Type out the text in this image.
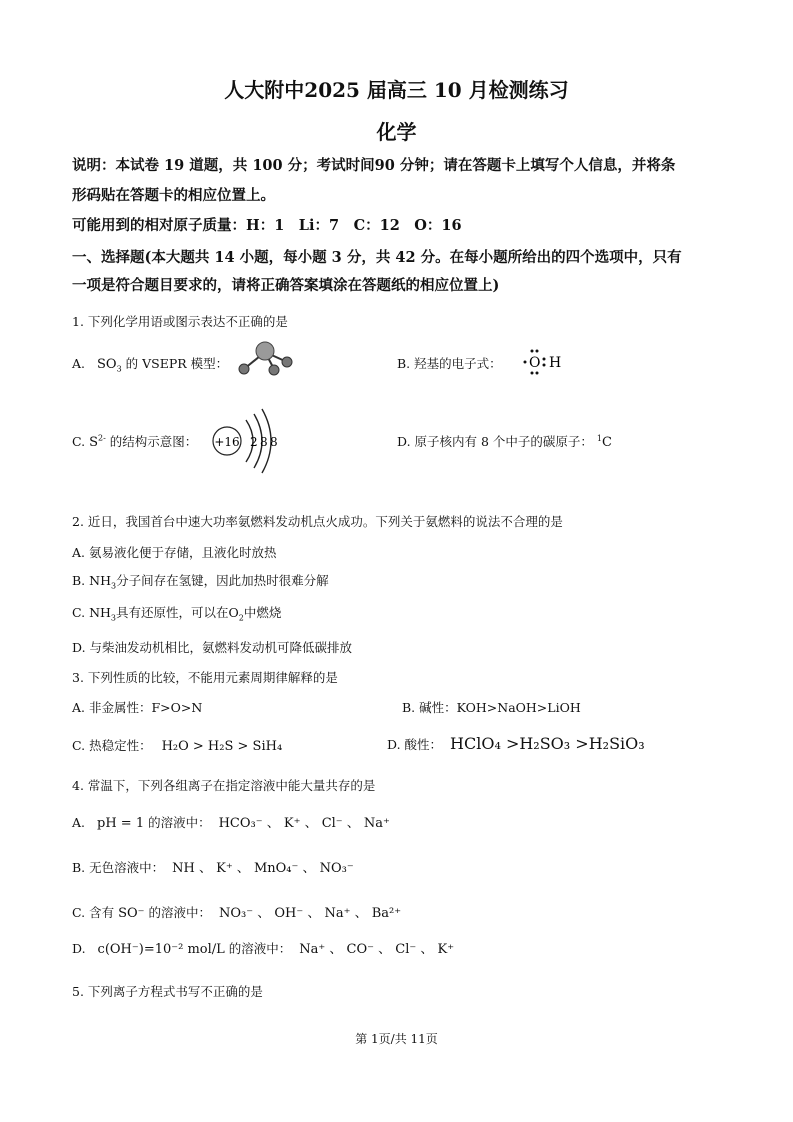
人大附中2025 届高三 10 月检测练习
化学
说明：本试卷 19 道题，共 100 分；考试时间90 分钟；请在答题卡上填写个人信息，并将条
形码贴在答题卡的相应位置上。
可能用到的相对原子质量：H：1　Li：7　C：12　O：16
一、选择题(本大题共 14 小题，每小题 3 分，共 42 分。在每小题所给出的四个选项中，只有
一项是符合题目要求的，请将正确答案填涂在答题纸的相应位置上)
1. 下列化学用语或图示表达不正确的是
A. $SO_3$ 的 VSEPR 模型：	B. 羟基的电子式： O H
C. $S^{2-}$ 的结构示意图： +16 2 8 8	D. 原子核内有 8 个中子的碳原子： $^1$C
2. 近日，我国首台中速大功率氨燃料发动机点火成功。下列关于氨燃料的说法不合理的是
A. 氨易液化便于存储，且液化时放热
B. $NH_3$分子间存在氢键，因此加热时很难分解
C. $NH_3$具有还原性，可以在$O_2$中燃烧
D. 与柴油发动机相比，氨燃料发动机可降低碳排放
3. 下列性质的比较，不能用元素周期律解释的是
A. 非金属性：F>O>N	B. 碱性：KOH>NaOH>LiOH
C. 热稳定性： H₂O > H₂S > SiH₄	D. 酸性： HClO₄ >H₂SO₃ >H₂SiO₃
4. 常温下，下列各组离子在指定溶液中能大量共存的是
A. pH = 1 的溶液中： HCO₃⁻ 、 K⁺ 、 Cl⁻ 、 Na⁺
B. 无色溶液中： NH 、 K⁺ 、 MnO₄⁻ 、 NO₃⁻
C. 含有 SO⁻ 的溶液中： NO₃⁻ 、 OH⁻ 、 Na⁺ 、 Ba²⁺
D. c(OH⁻)=10⁻² mol/L 的溶液中： Na⁺ 、 CO⁻ 、 Cl⁻ 、 K⁺
5. 下列离子方程式书写不正确的是
第 1页/共 11页
